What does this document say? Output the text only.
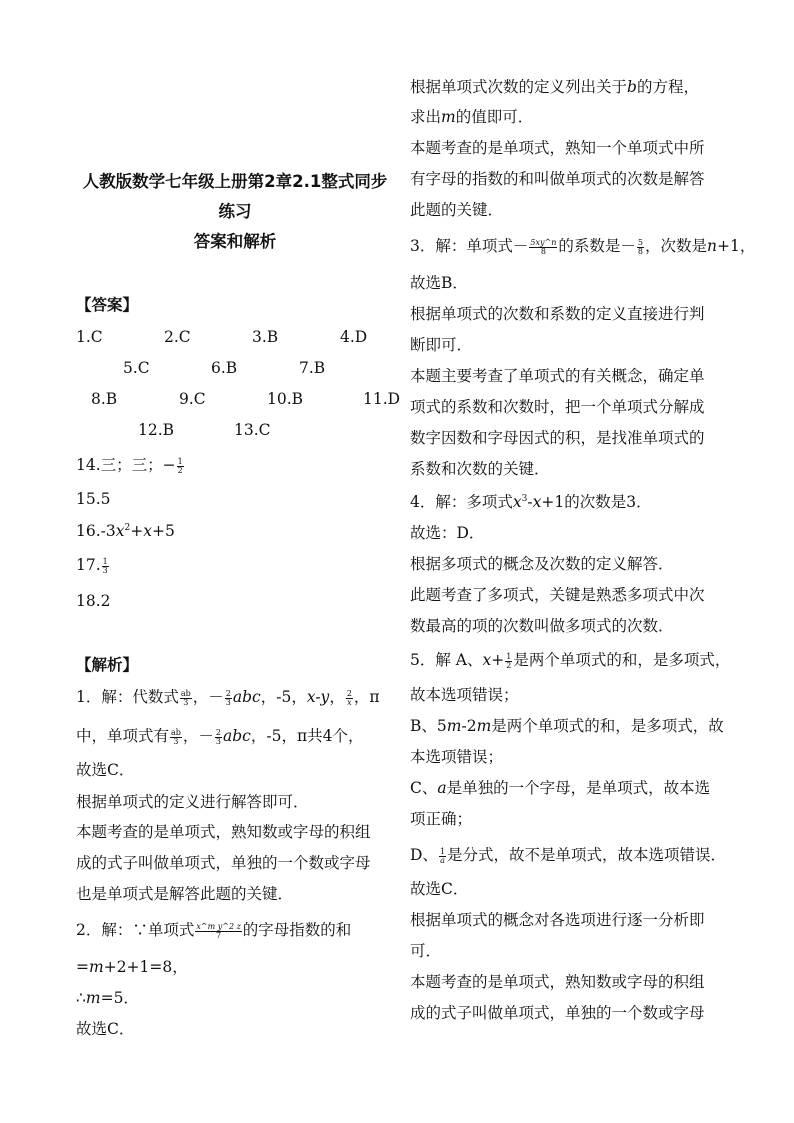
人教版数学七年级上册第2章2.1整式同步
练习
答案和解析
【答案】
1.C	2.C	3.B	4.D
5.C	6.B	7.B
8.B	9.C	10.B	11.D
12.B	13.C
14.三；三；− $\frac{1}{2}$
15.5
$16.-3x^2+x+5$
17. $\frac{1}{3}$
18.2
【解析】
1．解：代数式 $\frac{ab}{3}$ ，－ $\frac{2}{3}$ abc，-5，x-y， $\frac{2}{x}$ ，π
中，单项式有 $\frac{ab}{3}$ ，－ $\frac{2}{3}$ abc，-5，π共4个，
故选C．
根据单项式的定义进行解答即可．
本题考查的是单项式，熟知数或字母的积组
成的式子叫做单项式，单独的一个数或字母
也是单项式是解答此题的关键．
2．解：∵单项式 $\frac{\text{x\textasciicircum{}m y\textasciicircum{}2 z}}{7}$ 的字母指数的和
=m+2+1=8，
∴m=5．
故选C．
根据单项式次数的定义列出关于b的方程，
求出m的值即可．
本题考查的是单项式，熟知一个单项式中所
有字母的指数的和叫做单项式的次数是解答
此题的关键．
3．解：单项式－ $\frac{5xy\^{}n}{8}$ 的系数是－ $\frac{5}{8}$ ，次数是n+1，
故选B．
根据单项式的次数和系数的定义直接进行判
断即可．
本题主要考查了单项式的有关概念，确定单
项式的系数和次数时，把一个单项式分解成
数字因数和字母因式的积，是找准单项式的
系数和次数的关键．
4．解：多项式$x^3-x+1$的次数是3．
故选：D．
根据多项式的概念及次数的定义解答．
此题考查了多项式，关键是熟悉多项式中次
数最高的项的次数叫做多项式的次数．
5．解 A、$x+ \frac{1}{2}$ 是两个单项式的和，是多项式，
故本选项错误；
B、5m-2m是两个单项式的和，是多项式，故
本选项错误；
C、a是单独的一个字母，是单项式，故本选
项正确；
D、 $\frac{1}{a}$ 是分式，故不是单项式，故本选项错误．
故选C．
根据单项式的概念对各选项进行逐一分析即
可．
本题考查的是单项式，熟知数或字母的积组
成的式子叫做单项式，单独的一个数或字母
